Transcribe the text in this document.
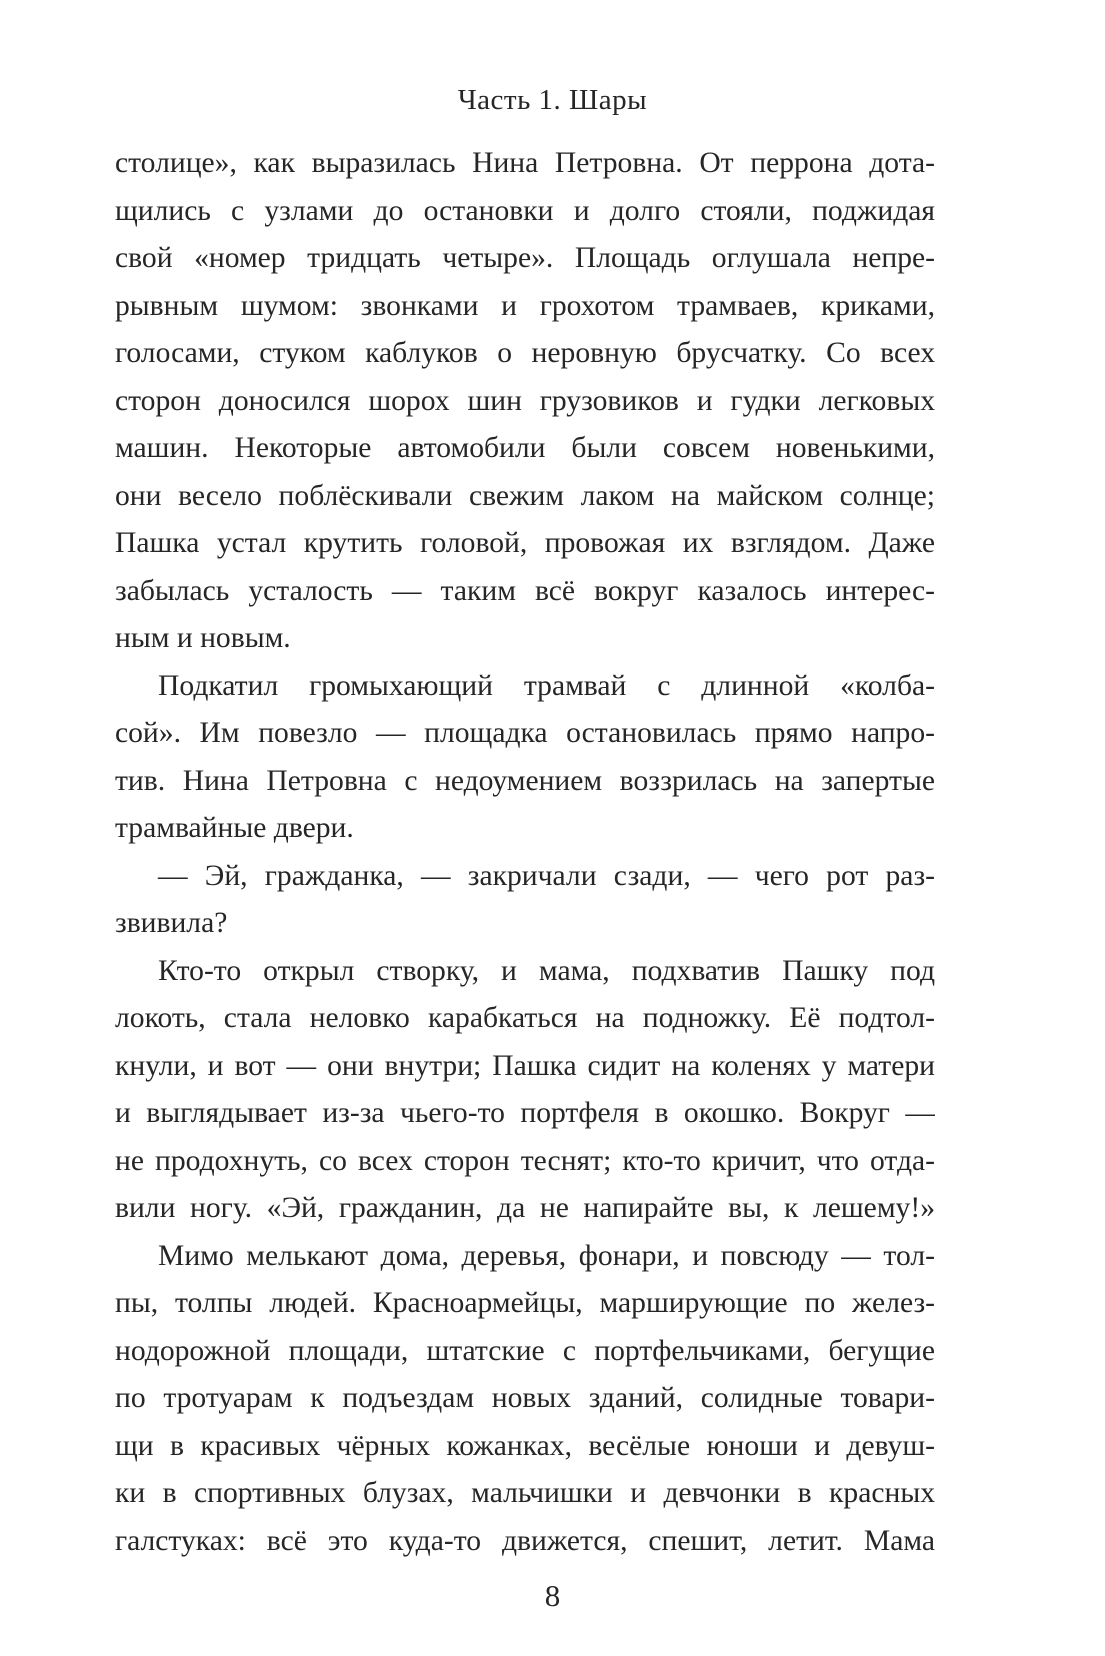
Часть 1. Шары
столице», как выразилась Нина Петровна. От перрона дота-
щились с узлами до остановки и долго стояли, поджидая
свой «номер тридцать четыре». Площадь оглушала непре-
рывным шумом: звонками и грохотом трамваев, криками,
голосами, стуком каблуков о неровную брусчатку. Со всех
сторон доносился шорох шин грузовиков и гудки легковых
машин. Некоторые автомобили были совсем новенькими,
они весело поблёскивали свежим лаком на майском солнце;
Пашка устал крутить головой, провожая их взглядом. Даже
забылась усталость — таким всё вокруг казалось интерес-
ным и новым.
Подкатил громыхающий трамвай с длинной «колба-
сой». Им повезло — площадка остановилась прямо напро-
тив. Нина Петровна с недоумением воззрилась на запертые
трамвайные двери.
— Эй, гражданка, — закричали сзади, — чего рот раз-
звивила?
Кто-то открыл створку, и мама, подхватив Пашку под
локоть, стала неловко карабкаться на подножку. Её подтол-
кнули, и вот — они внутри; Пашка сидит на коленях у матери
и выглядывает из-за чьего-то портфеля в окошко. Вокруг —
не продохнуть, со всех сторон теснят; кто-то кричит, что отда-
вили ногу. «Эй, гражданин, да не напирайте вы, к лешему!»
Мимо мелькают дома, деревья, фонари, и повсюду — тол-
пы, толпы людей. Красноармейцы, марширующие по желез-
нодорожной площади, штатские с портфельчиками, бегущие
по тротуарам к подъездам новых зданий, солидные товари-
щи в красивых чёрных кожанках, весёлые юноши и девуш-
ки в спортивных блузах, мальчишки и девчонки в красных
галстуках: всё это куда-то движется, спешит, летит. Мама
8
